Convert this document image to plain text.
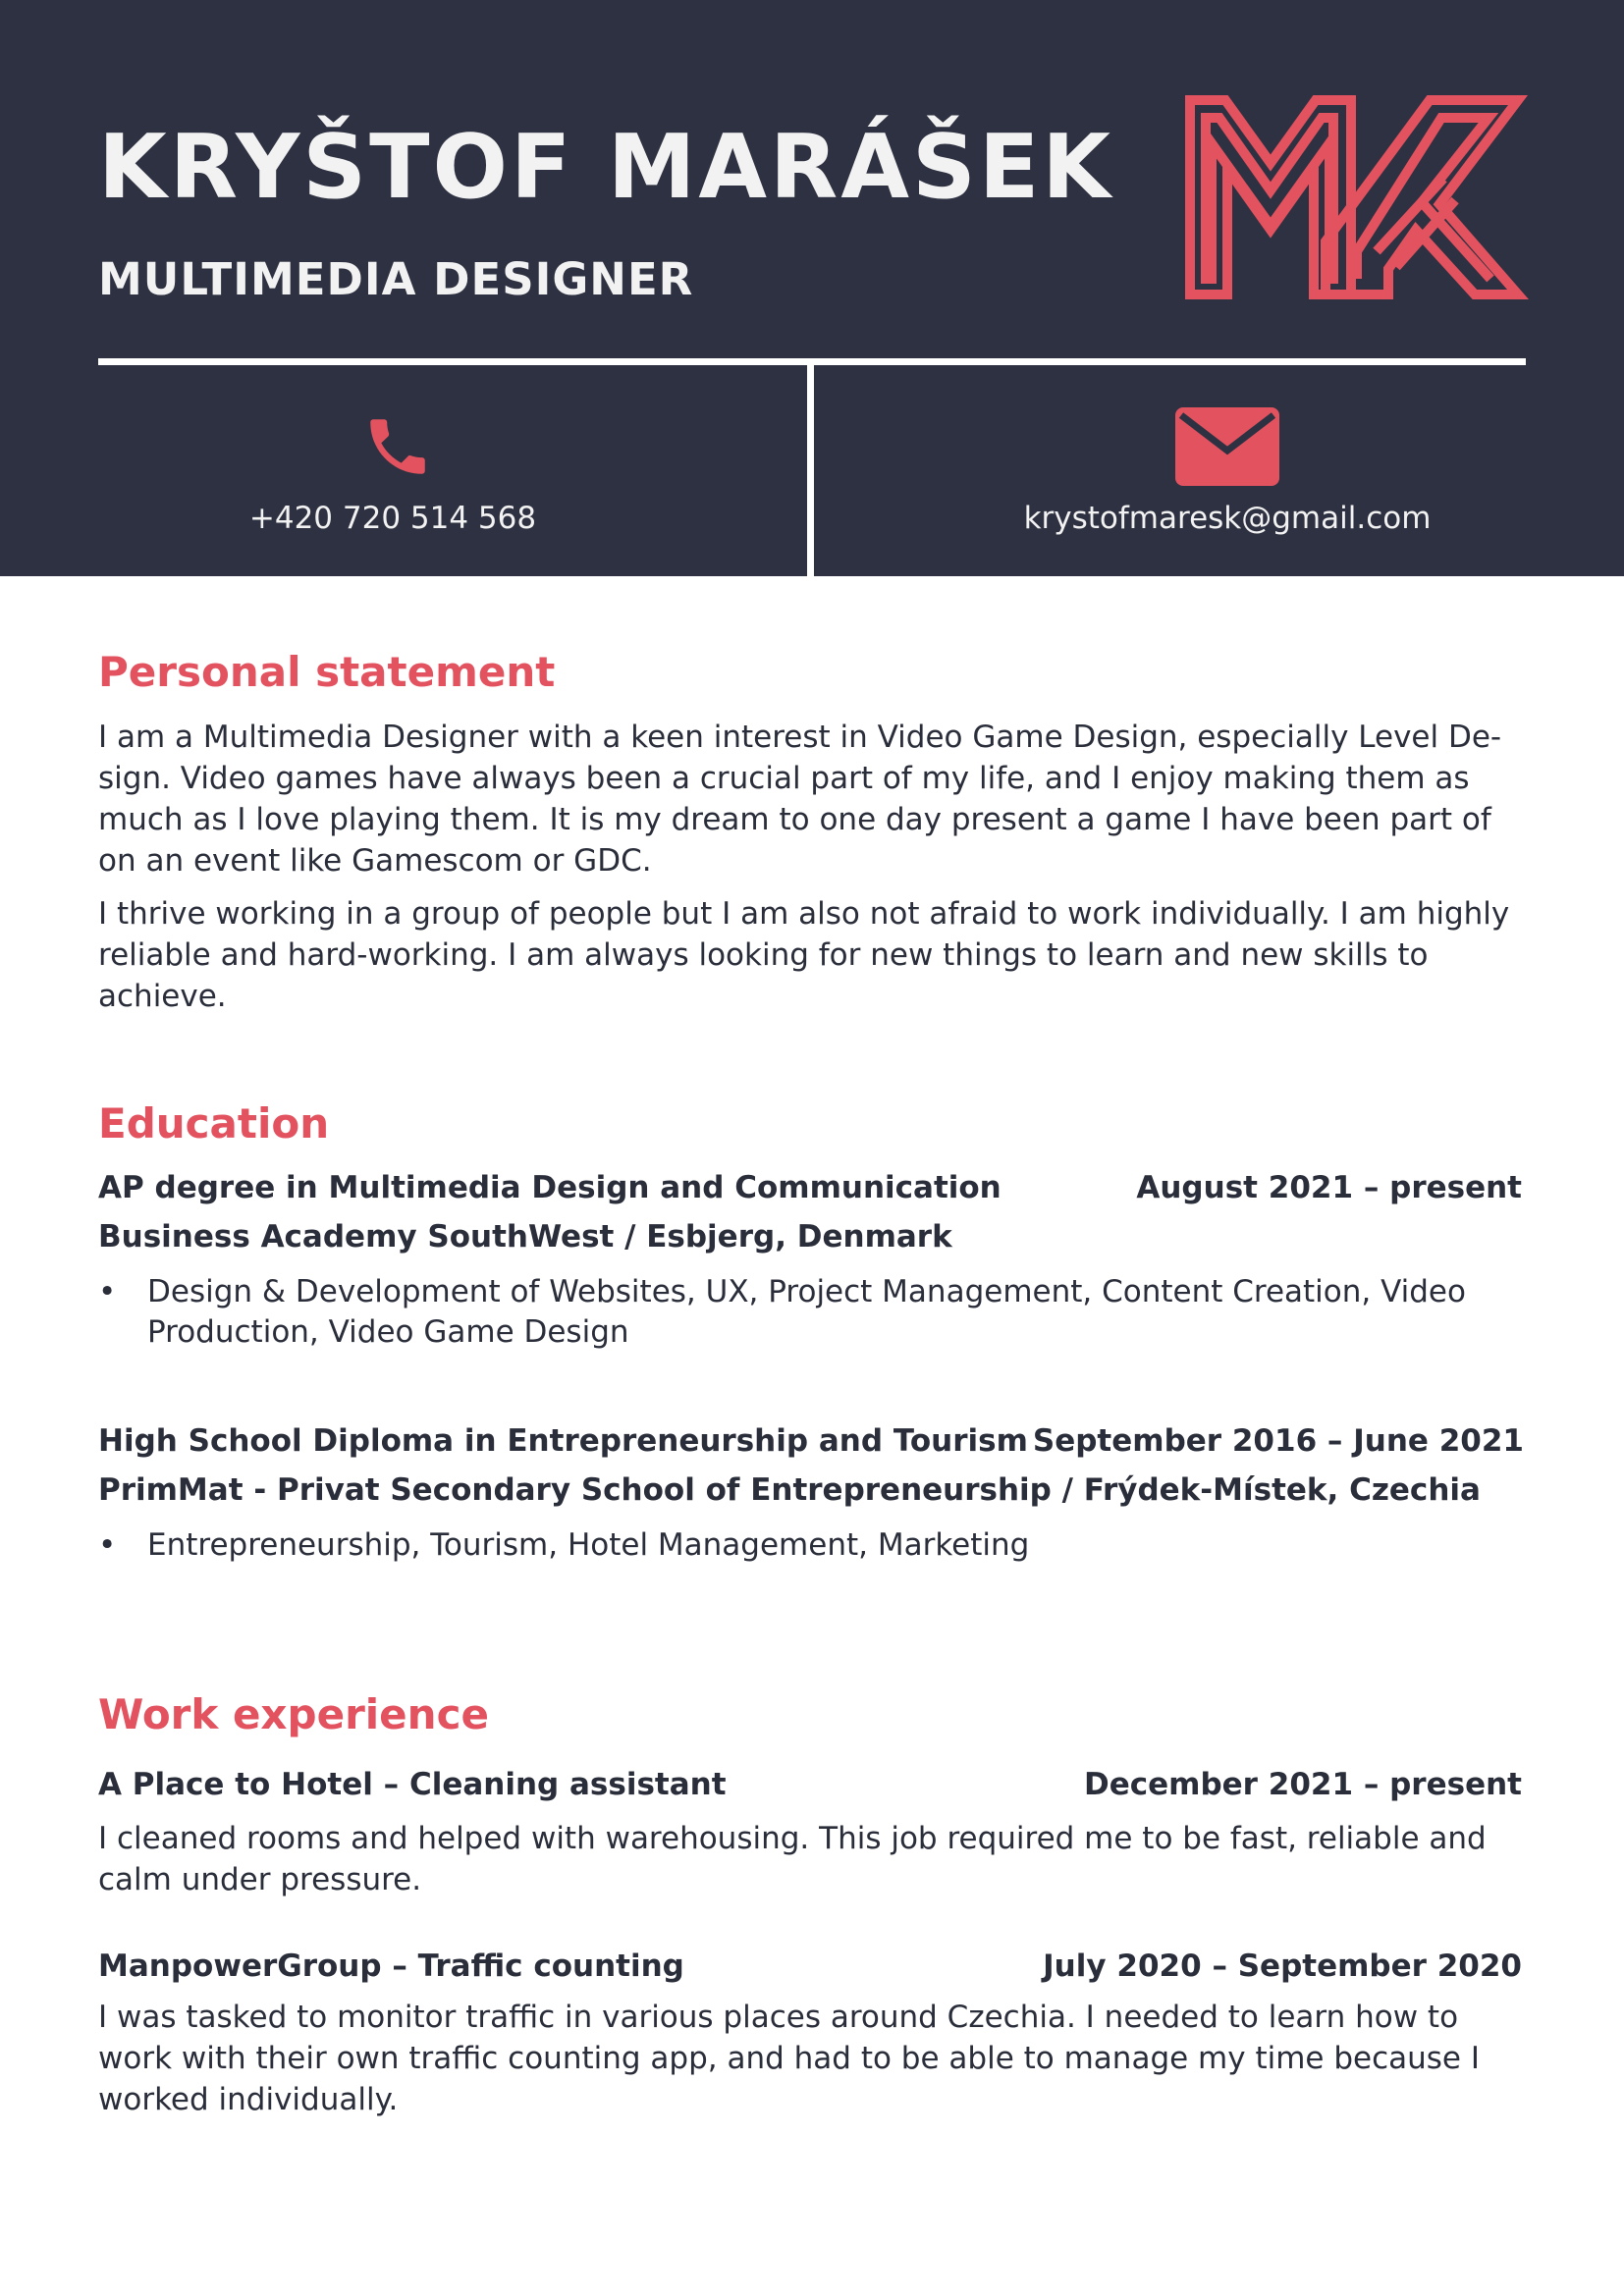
KRYŠTOF MARÁŠEK
MULTIMEDIA DESIGNER
+420 720 514 568	krystofmaresk@gmail.com
Personal statement

I am a Multimedia Designer with a keen interest in Video Game Design, especially Level De-sign. Video games have always been a crucial part of my life, and I enjoy making them as much as I love playing them. It is my dream to one day present a game I have been part of on an event like Gamescom or GDC.

I thrive working in a group of people but I am also not afraid to work individually. I am highly reliable and hard-working. I am always looking for new things to learn and new skills to achieve.

Education
AP degree in Multimedia Design and Communication	August 2021 – present
Business Academy SouthWest / Esbjerg, Denmark
• Design & Development of Websites, UX, Project Management, Content Creation, Video Production, Video Game Design
High School Diploma in Entrepreneurship and Tourism September 2016 – June 2021
PrimMat - Privat Secondary School of Entrepreneurship / Frýdek-Místek, Czechia
• Entrepreneurship, Tourism, Hotel Management, Marketing
Work experience
A Place to Hotel – Cleaning assistant	December 2021 – present

I cleaned rooms and helped with warehousing. This job required me to be fast, reliable and calm under pressure.

ManpowerGroup – Traffic counting	July 2020 – September 2020

I was tasked to monitor traffic in various places around Czechia. I needed to learn how to work with their own traffic counting app, and had to be able to manage my time because I worked individually.
